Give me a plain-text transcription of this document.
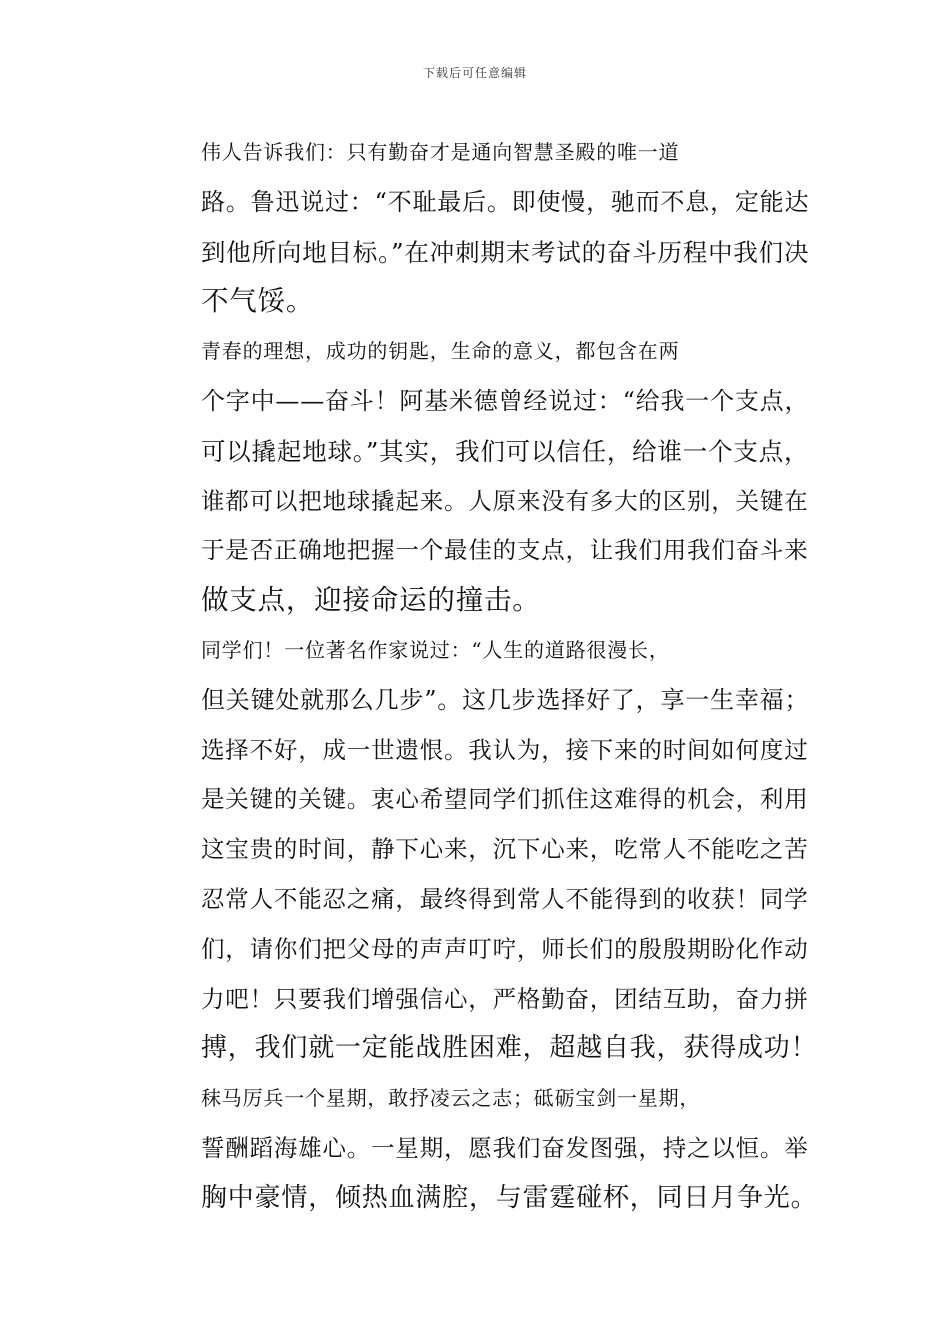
下载后可任意编辑

伟人告诉我们：只有勤奋才是通向智慧圣殿的唯一道
路。鲁迅说过：“不耻最后。即使慢，驰而不息，定能达
到他所向地目标。”在冲刺期末考试的奋斗历程中我们决
不气馁。

青春的理想，成功的钥匙，生命的意义，都包含在两
个字中——奋斗！阿基米德曾经说过：“给我一个支点，
可以撬起地球。”其实，我们可以信任，给谁一个支点，
谁都可以把地球撬起来。人原来没有多大的区别，关键在
于是否正确地把握一个最佳的支点，让我们用我们奋斗来
做支点，迎接命运的撞击。

同学们！一位著名作家说过：“人生的道路很漫长，
但关键处就那么几步”。这几步选择好了，享一生幸福；
选择不好，成一世遗恨。我认为，接下来的时间如何度过
是关键的关键。衷心希望同学们抓住这难得的机会，利用
这宝贵的时间，静下心来，沉下心来，吃常人不能吃之苦
忍常人不能忍之痛，最终得到常人不能得到的收获！同学
们，请你们把父母的声声叮咛，师长们的殷殷期盼化作动
力吧！只要我们增强信心，严格勤奋，团结互助，奋力拼
搏，我们就一定能战胜困难，超越自我，获得成功！

秣马厉兵一个星期，敢抒凌云之志；砥砺宝剑一星期，
誓酬蹈海雄心。一星期，愿我们奋发图强，持之以恒。举
胸中豪情，倾热血满腔，与雷霆碰杯，同日月争光。
